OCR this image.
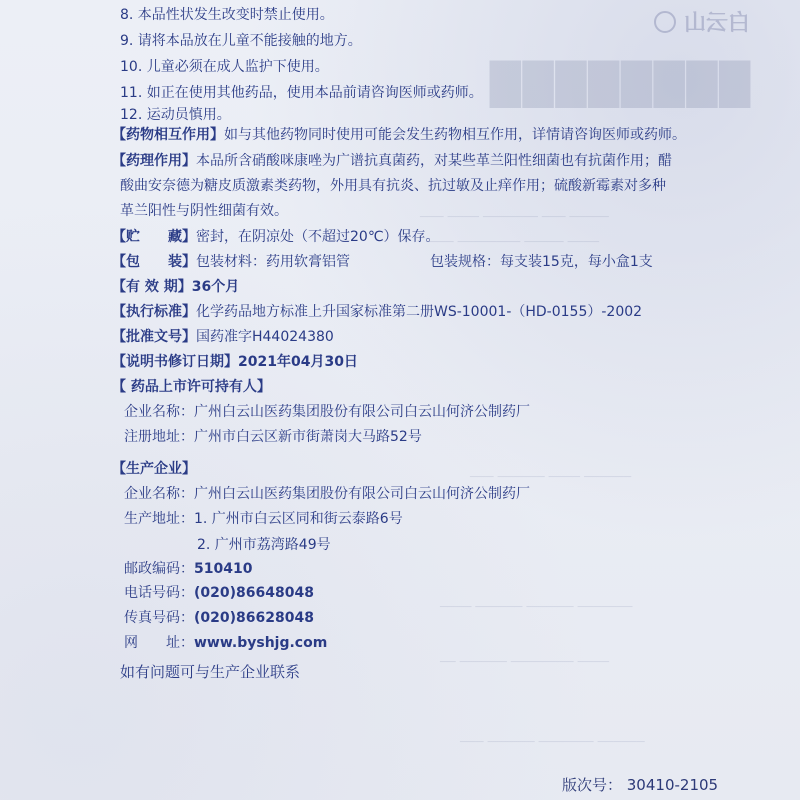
白云山
████████
───── ─── ─────── ──── ───
──── ───── ──────── ───
────── ──── ────── ───
─────── ────── ────── ────
──── ──────── ────── ──
────── ─────── ────── ───
8. 本品性状发生改变时禁止使用。
9. 请将本品放在儿童不能接触的地方。
10. 儿童必须在成人监护下使用。
11. 如正在使用其他药品，使用本品前请咨询医师或药师。
12. 运动员慎用。
【药物相互作用】如与其他药物同时使用可能会发生药物相互作用，详情请咨询医师或药师。
【药理作用】本品所含硝酸咪康唑为广谱抗真菌药，对某些革兰阳性细菌也有抗菌作用；醋
酸曲安奈德为糖皮质激素类药物，外用具有抗炎、抗过敏及止痒作用；硫酸新霉素对多种
革兰阳性与阴性细菌有效。
【贮　　藏】密封，在阴凉处（不超过20℃）保存。
【包　　装】包装材料：药用软膏铝管	包装规格：每支装15克，每小盒1支
【有 效 期】36个月
【执行标准】化学药品地方标准上升国家标准第二册WS-10001-（HD-0155）-2002
【批准文号】国药准字H44024380
【说明书修订日期】2021年04月30日
【 药品上市许可持有人】
企业名称：广州白云山医药集团股份有限公司白云山何济公制药厂
注册地址：广州市白云区新市街萧岗大马路52号
【生产企业】
企业名称：广州白云山医药集团股份有限公司白云山何济公制药厂
生产地址：1. 广州市白云区同和街云泰路6号
2. 广州市荔湾路49号
邮政编码：510410
电话号码：(020)86648048
传真号码：(020)86628048
网　　址：www.byshjg.com
如有问题可与生产企业联系
版次号： 30410-2105
